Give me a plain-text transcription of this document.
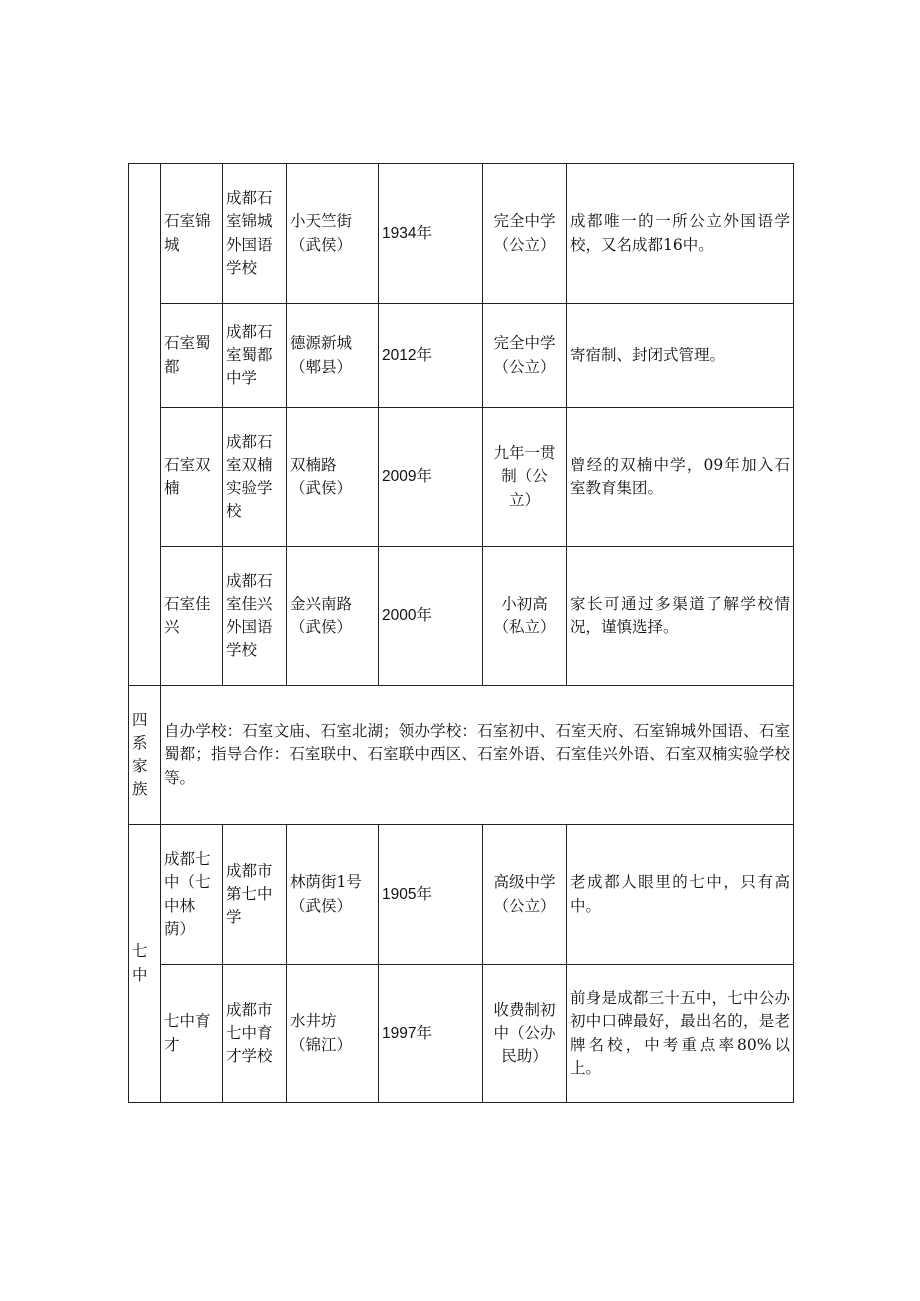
	石室锦
城	成都石
室锦城
外国语
学校	小天竺街
（武侯）	1934年	完全中学
（公立）	成都唯一的一所公立外国语学校，又名成都16中。

	石室蜀
都	成都石
室蜀都
中学	德源新城
（郫县）	2012年	完全中学
（公立）	寄宿制、封闭式管理。

	石室双
楠	成都石
室双楠
实验学
校	双楠路
（武侯）	2009年	九年一贯
制（公
立）	曾经的双楠中学，09年加入石室教育集团。

	石室佳
兴	成都石
室佳兴
外国语
学校	金兴南路
（武侯）	2000年	小初高
（私立）	家长可通过多渠道了解学校情况，谨慎选择。

四
系
家
族	自办学校：石室文庙、石室北湖；领办学校：石室初中、石室天府、石室锦城外国语、石室蜀都；指导合作：石室联中、石室联中西区、石室外语、石室佳兴外语、石室双楠实验学校等。					

七
中	成都七
中（七
中林
荫）	成都市
第七中
学	林荫街1号
（武侯）	1905年	高级中学
（公立）	老成都人眼里的七中，只有高中。

	七中育
才	成都市
七中育
才学校	水井坊
（锦江）	1997年	收费制初
中（公办
民助）	前身是成都三十五中，七中公办初中口碑最好，最出名的，是老牌名校，中考重点率80%以上。
